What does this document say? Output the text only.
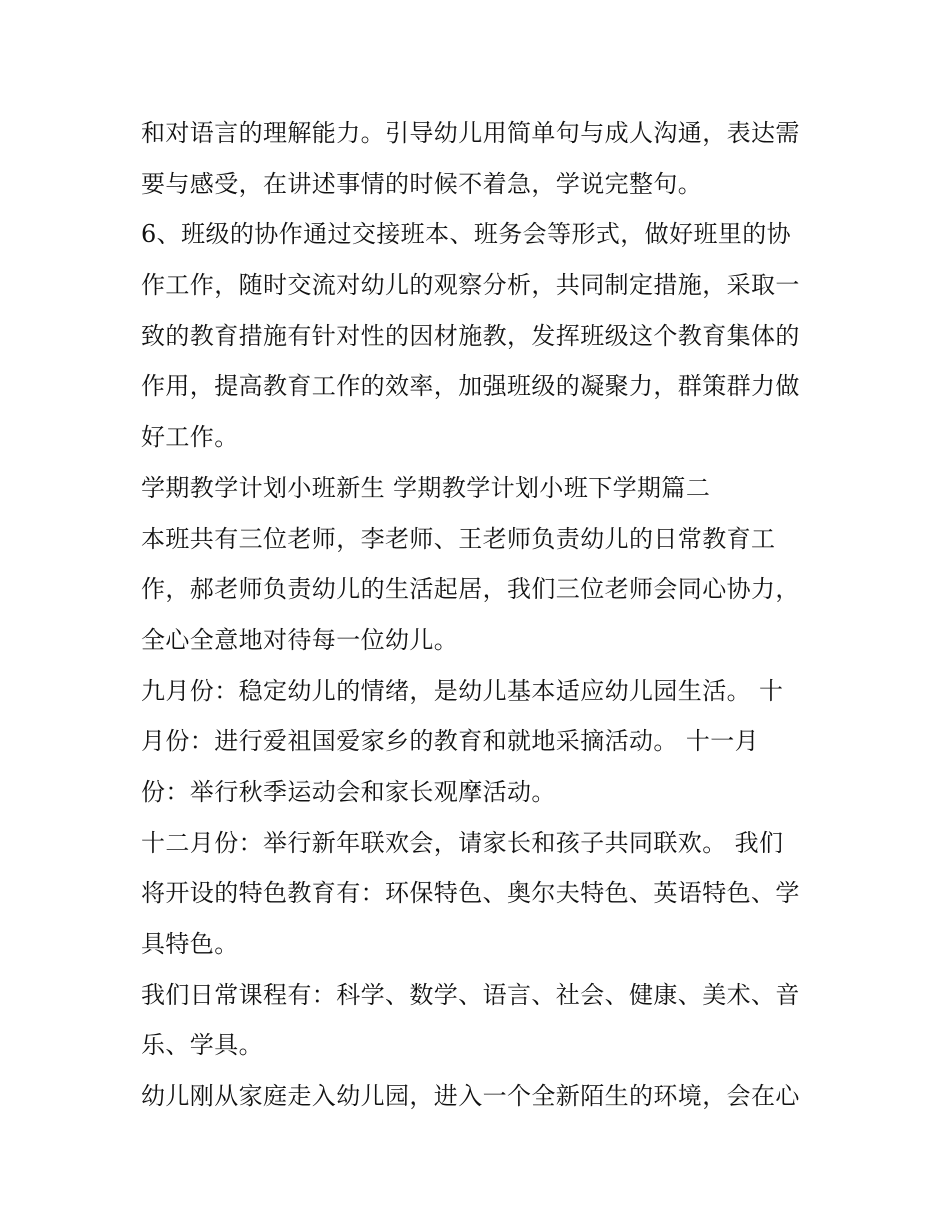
和对语言的理解能力。引导幼儿用简单句与成人沟通，表达需
要与感受，在讲述事情的时候不着急，学说完整句。
6、班级的协作通过交接班本、班务会等形式，做好班里的协
作工作，随时交流对幼儿的观察分析，共同制定措施，采取一
致的教育措施有针对性的因材施教，发挥班级这个教育集体的
作用，提高教育工作的效率，加强班级的凝聚力，群策群力做
好工作。
学期教学计划小班新生 学期教学计划小班下学期篇二
本班共有三位老师，李老师、王老师负责幼儿的日常教育工
作，郝老师负责幼儿的生活起居，我们三位老师会同心协力，
全心全意地对待每一位幼儿。
九月份：稳定幼儿的情绪，是幼儿基本适应幼儿园生活。 十
月份：进行爱祖国爱家乡的教育和就地采摘活动。 十一月
份：举行秋季运动会和家长观摩活动。
十二月份：举行新年联欢会，请家长和孩子共同联欢。 我们
将开设的特色教育有：环保特色、奥尔夫特色、英语特色、学
具特色。
我们日常课程有：科学、数学、语言、社会、健康、美术、音
乐、学具。
幼儿刚从家庭走入幼儿园，进入一个全新陌生的环境，会在心
